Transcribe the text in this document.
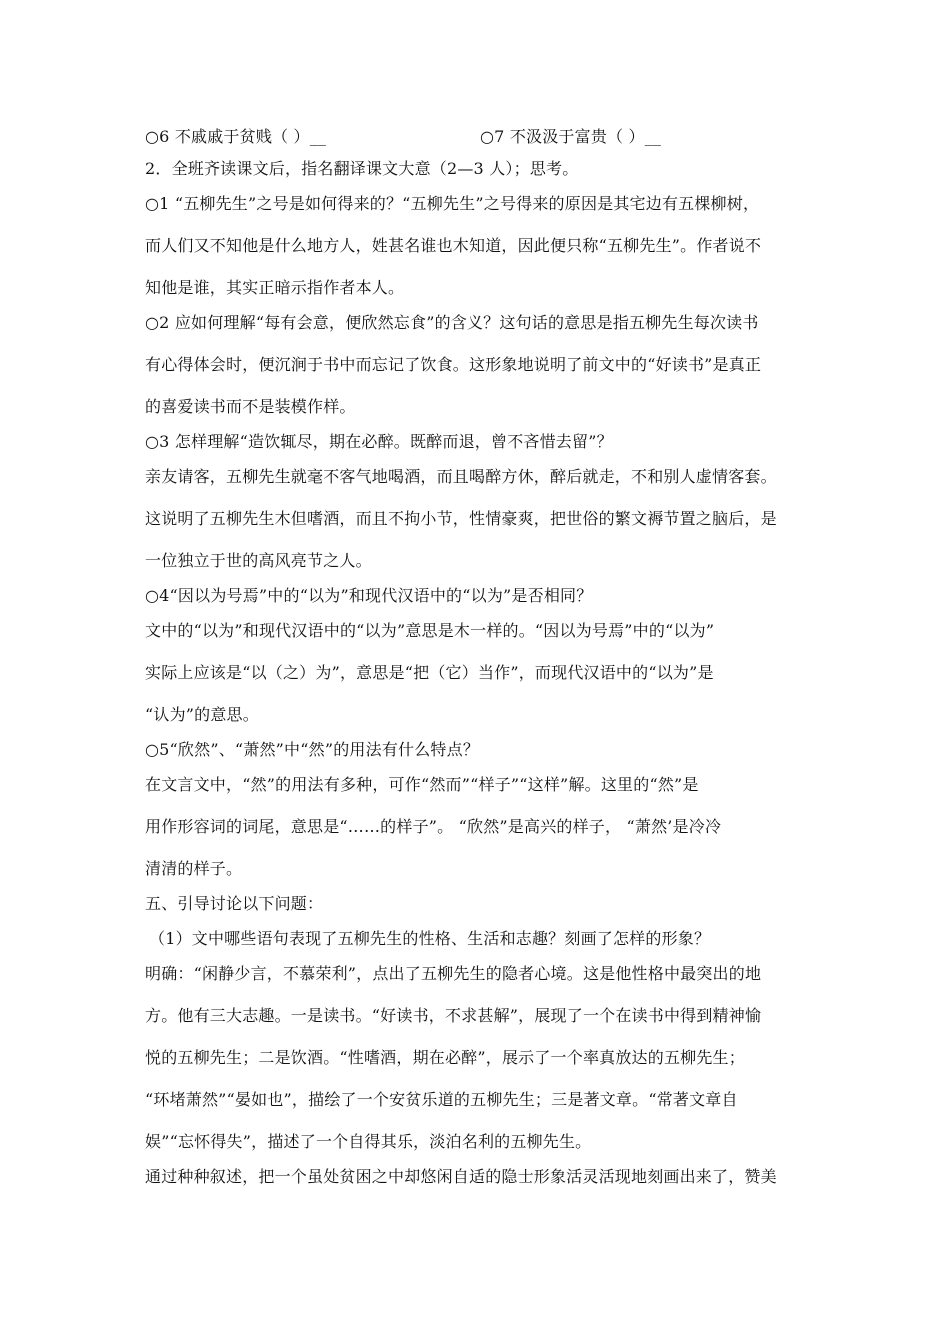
○6 不戚戚于贫贱（ ）__	○7 不汲汲于富贵（ ）__
2．全班齐读课文后，指名翻译课文大意（2—3 人）；思考。
○1 “五柳先生”之号是如何得来的？“五柳先生”之号得来的原因是其宅边有五棵柳树，
而人们又不知他是什么地方人，姓甚名谁也木知道，因此便只称“五柳先生”。作者说不
知他是谁，其实正暗示指作者本人。
○2 应如何理解“每有会意，便欣然忘食”的含义？这句话的意思是指五柳先生每次读书
有心得体会时，便沉涧于书中而忘记了饮食。这形象地说明了前文中的“好读书”是真正
的喜爱读书而不是装模作样。
○3 怎样理解“造饮辄尽，期在必醉。既醉而退，曾不吝惜去留”？
亲友请客，五柳先生就毫不客气地喝酒，而且喝醉方休，醉后就走，不和别人虚情客套。
这说明了五柳先生木但嗜酒，而且不拘小节，性情豪爽，把世俗的繁文褥节置之脑后，是
一位独立于世的高风亮节之人。
○4“因以为号焉”中的“以为”和现代汉语中的“以为”是否相同？
文中的“以为”和现代汉语中的“以为”意思是木一样的。“因以为号焉”中的“以为”
实际上应该是“以（之）为”，意思是“把（它）当作”，而现代汉语中的“以为”是
“认为”的意思。
○5“欣然”、“萧然”中“然”的用法有什么特点？
在文言文中，“然”的用法有多种，可作“然而”“样子”“这样”解。这里的“然”是
用作形容词的词尾，意思是“……的样子”。 “欣然”是高兴的样子， “萧然’是冷冷
清清的样子。
五、引导讨论以下问题：
（1）文中哪些语句表现了五柳先生的性格、生活和志趣？刻画了怎样的形象？
明确：“闲静少言，不慕荣利”，点出了五柳先生的隐者心境。这是他性格中最突出的地
方。他有三大志趣。一是读书。“好读书，不求甚解”，展现了一个在读书中得到精神愉
悦的五柳先生；二是饮酒。“性嗜酒，期在必醉”，展示了一个率真放达的五柳先生；
“环堵萧然”“晏如也”，描绘了一个安贫乐道的五柳先生；三是著文章。“常著文章自
娱”“忘怀得失”，描述了一个自得其乐，淡泊名利的五柳先生。
通过种种叙述，把一个虽处贫困之中却悠闲自适的隐士形象活灵活现地刻画出来了，赞美
